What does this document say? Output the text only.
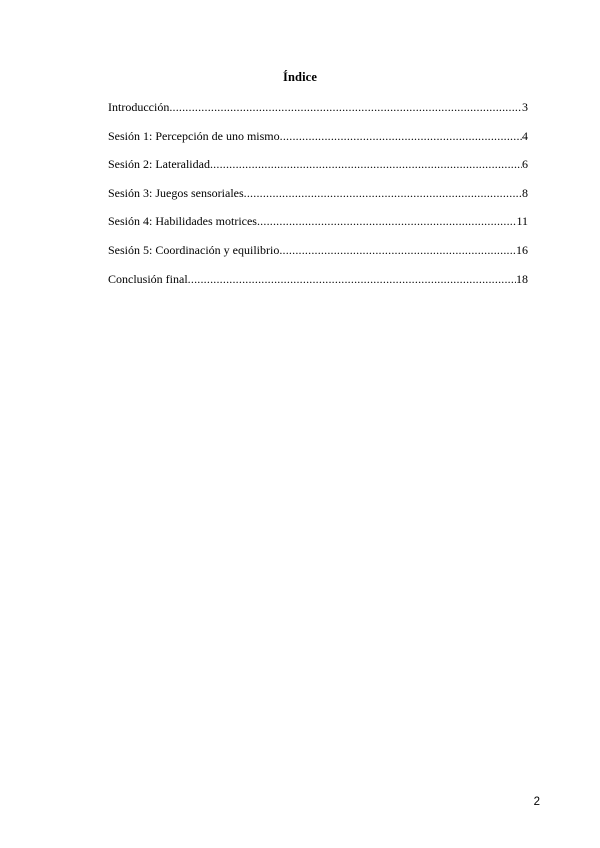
Índice
Introducción .....	3
Sesión 1: Percepción de uno mismo .....	4
Sesión 2: Lateralidad .....	6
Sesión 3: Juegos sensoriales .....	8
Sesión 4: Habilidades motrices .....	11
Sesión 5: Coordinación y equilibrio .....	16
Conclusión final .....	18
2
